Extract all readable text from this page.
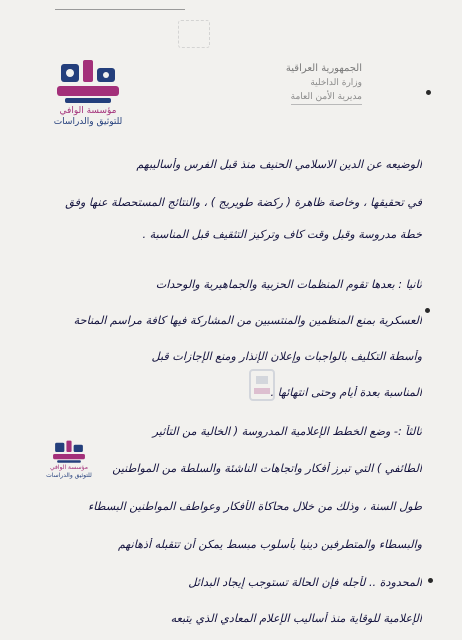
مؤسسة الوافي
للتوثيق والدراسات
الجمهورية العراقية
وزارة الداخلية
مديرية الأمن العامة
الوضيعه عن الدين الاسلامي الحنيف منذ قبل الفرس وأساليبهم
في تحقيقها ، وخاصة ظاهرة ( ركضة طويريج ) ، والنتائج المستحصلة عنها وفق
خطة مدروسة وقبل وقت كاف وتركيز التثقيف قبل المناسبة .
ثانيا : بعدها تقوم المنظمات الحزبية والجماهيرية والوحدات
العسكرية بمنع المنظمين والمنتسبين من المشاركة فيها كافة مراسم المناحة
وأسطة التكليف بالواجبات وإعلان الإنذار ومنع الإجازات قبل
المناسبة بعدة أيام وحتى انتهائها .
ثالثاً :- وضع الخطط الإعلامية المدروسة ( الخالية من التأثير
الطائفي ) التي تبرز أفكار واتجاهات الناشئة والسلطة من المواطنين
طول السنة ، وذلك من خلال محاكاة الأفكار وعواطف المواطنين البسطاء
والبسطاء والمتطرفين دينيا بأسلوب مبسط يمكن أن تتقبله أذهانهم
المحدودة .. لأجله فإن الحالة تستوجب إيجاد البدائل
الإعلامية للوقاية منذ أساليب الإعلام المعادي الذي يتبعه
مؤسسة الوافي
للتوثيق والدراسات
